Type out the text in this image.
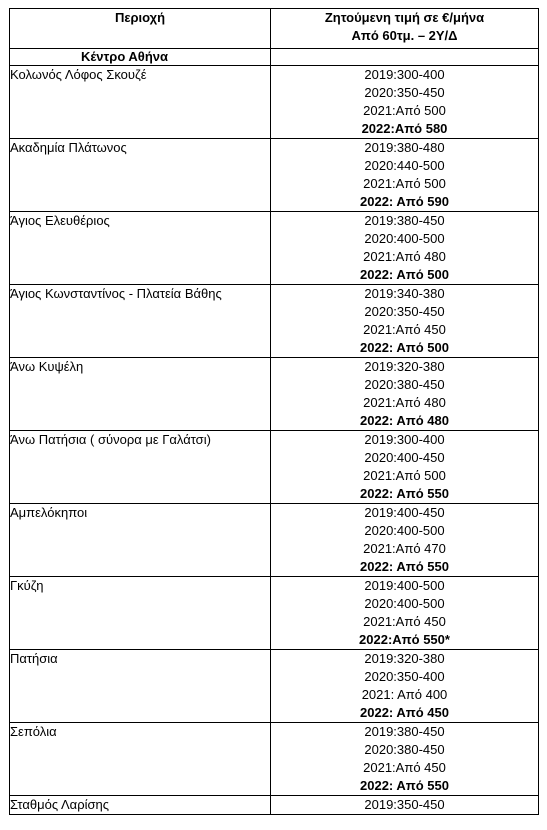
Περιοχή	Ζητούμενη τιμή σε €/μήνα
Από 60τμ. – 2Υ/Δ

Κέντρο Αθήνα	
Κολωνός Λόφος Σκουζέ	2019:300-400
2020:350-450
2021:Από 500
2022:Από 580

Ακαδημία Πλάτωνος	2019:380-480
2020:440-500
2021:Από 500
2022: Από 590

Άγιος Ελευθέριος	2019:380-450
2020:400-500
2021:Από 480
2022: Από 500

Άγιος Κωνσταντίνος - Πλατεία Βάθης	2019:340-380
2020:350-450
2021:Από 450
2022: Από 500

Άνω Κυψέλη	2019:320-380
2020:380-450
2021:Από 480
2022: Από 480

Άνω Πατήσια ( σύνορα με Γαλάτσι)	2019:300-400
2020:400-450
2021:Από 500
2022: Από 550

Αμπελόκηποι	2019:400-450
2020:400-500
2021:Από 470
2022: Από 550

Γκύζη	2019:400-500
2020:400-500
2021:Από 450
2022:Από 550*

Πατήσια	2019:320-380
2020:350-400
2021: Από 400
2022: Από 450

Σεπόλια	2019:380-450
2020:380-450
2021:Από 450
2022: Από 550

Σταθμός Λαρίσης	2019:350-450
